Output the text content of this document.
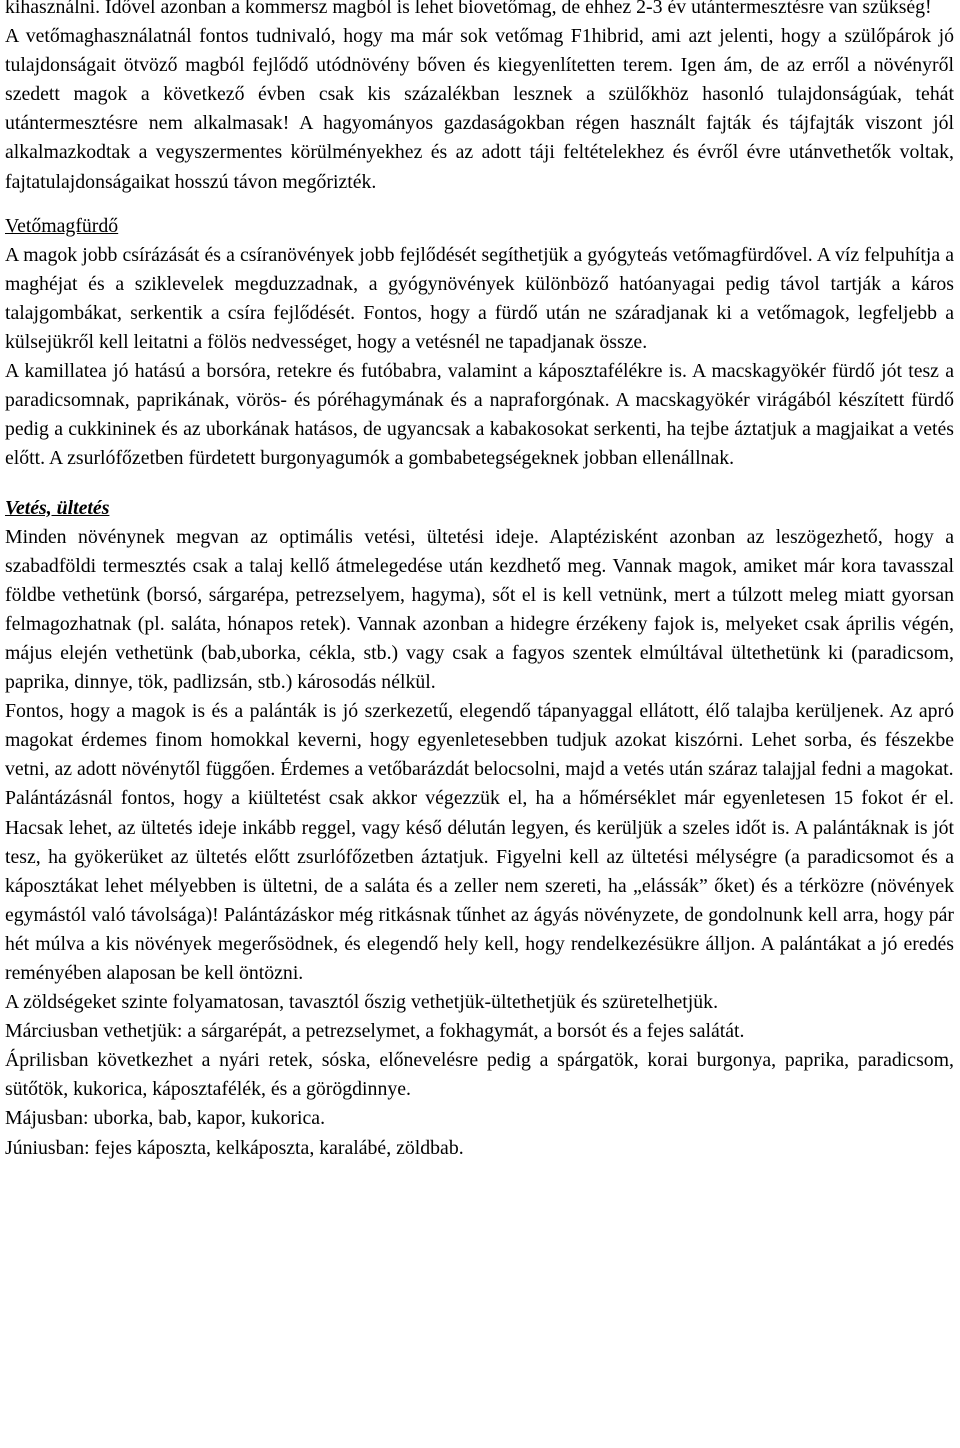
kihasználni. Idővel azonban a kommersz magból is lehet biovetőmag, de ehhez 2-3 év utántermesztésre van szükség!

A vetőmaghasználatnál fontos tudnivaló, hogy ma már sok vetőmag F1hibrid, ami azt jelenti, hogy a szülőpárok jó tulajdonságait ötvöző magból fejlődő utódnövény bőven és kiegyenlítetten terem. Igen ám, de az erről a növényről szedett magok a következő évben csak kis százalékban lesznek a szülőkhöz hasonló tulajdonságúak, tehát utántermesztésre nem alkalmasak! A hagyományos gazdaságokban régen használt fajták és tájfajták viszont jól alkalmazkodtak a vegyszermentes körülményekhez és az adott táji feltételekhez és évről évre utánvethetők voltak, fajtatulajdonságaikat hosszú távon megőrizték.

Vetőmagfürdő

A magok jobb csírázását és a csíranövények jobb fejlődését segíthetjük a gyógyteás vetőmagfürdővel. A víz felpuhítja a maghéjat és a sziklevelek megduzzadnak, a gyógynövények különböző hatóanyagai pedig távol tartják a káros talajgombákat, serkentik a csíra fejlődését. Fontos, hogy a fürdő után ne száradjanak ki a vetőmagok, legfeljebb a külsejükről kell leitatni a fölös nedvességet, hogy a vetésnél ne tapadjanak össze.

A kamillatea jó hatású a borsóra, retekre és futóbabra, valamint a káposztafélékre is. A macskagyökér fürdő jót tesz a paradicsomnak, paprikának, vörös- és póréhagymának és a napraforgónak. A macskagyökér virágából készített fürdő pedig a cukkininek és az uborkának hatásos, de ugyancsak a kabakosokat serkenti, ha tejbe áztatjuk a magjaikat a vetés előtt. A zsurlófőzetben fürdetett burgonyagumók a gombabetegségeknek jobban ellenállnak.

Vetés, ültetés

Minden növénynek megvan az optimális vetési, ültetési ideje. Alaptézisként azonban az leszögezhető, hogy a szabadföldi termesztés csak a talaj kellő átmelegedése után kezdhető meg. Vannak magok, amiket már kora tavasszal földbe vethetünk (borsó, sárgarépa, petrezselyem, hagyma), sőt el is kell vetnünk, mert a túlzott meleg miatt gyorsan felmagozhatnak (pl. saláta, hónapos retek). Vannak azonban a hidegre érzékeny fajok is, melyeket csak április végén, május elején vethetünk (bab,uborka, cékla, stb.) vagy csak a fagyos szentek elmúltával ültethetünk ki (paradicsom, paprika, dinnye, tök, padlizsán, stb.) károsodás nélkül.

Fontos, hogy a magok is és a palánták is jó szerkezetű, elegendő tápanyaggal ellátott, élő talajba kerüljenek. Az apró magokat érdemes finom homokkal keverni, hogy egyenletesebben tudjuk azokat kiszórni. Lehet sorba, és fészekbe vetni, az adott növénytől függően. Érdemes a vetőbarázdát belocsolni, majd a vetés után száraz talajjal fedni a magokat.

Palántázásnál fontos, hogy a kiültetést csak akkor végezzük el, ha a hőmérséklet már egyenletesen 15 fokot ér el. Hacsak lehet, az ültetés ideje inkább reggel, vagy késő délután legyen, és kerüljük a szeles időt is. A palántáknak is jót tesz, ha gyökerüket az ültetés előtt zsurlófőzetben áztatjuk. Figyelni kell az ültetési mélységre (a paradicsomot és a káposztákat lehet mélyebben is ültetni, de a saláta és a zeller nem szereti, ha „elássák” őket) és a térközre (növények egymástól való távolsága)! Palántázáskor még ritkásnak tűnhet az ágyás növényzete, de gondolnunk kell arra, hogy pár hét múlva a kis növények megerősödnek, és elegendő hely kell, hogy rendelkezésükre álljon. A palántákat a jó eredés reményében alaposan be kell öntözni.

A zöldségeket szinte folyamatosan, tavasztól őszig vethetjük-ültethetjük és szüretelhetjük.

Márciusban vethetjük: a sárgarépát, a petrezselymet, a fokhagymát, a borsót és a fejes salátát.

Áprilisban következhet a nyári retek, sóska, előnevelésre pedig a spárgatök, korai burgonya, paprika, paradicsom, sütőtök, kukorica, káposztafélék, és a görögdinnye.

Májusban: uborka, bab, kapor, kukorica.

Júniusban: fejes káposzta, kelkáposzta, karalábé, zöldbab.
